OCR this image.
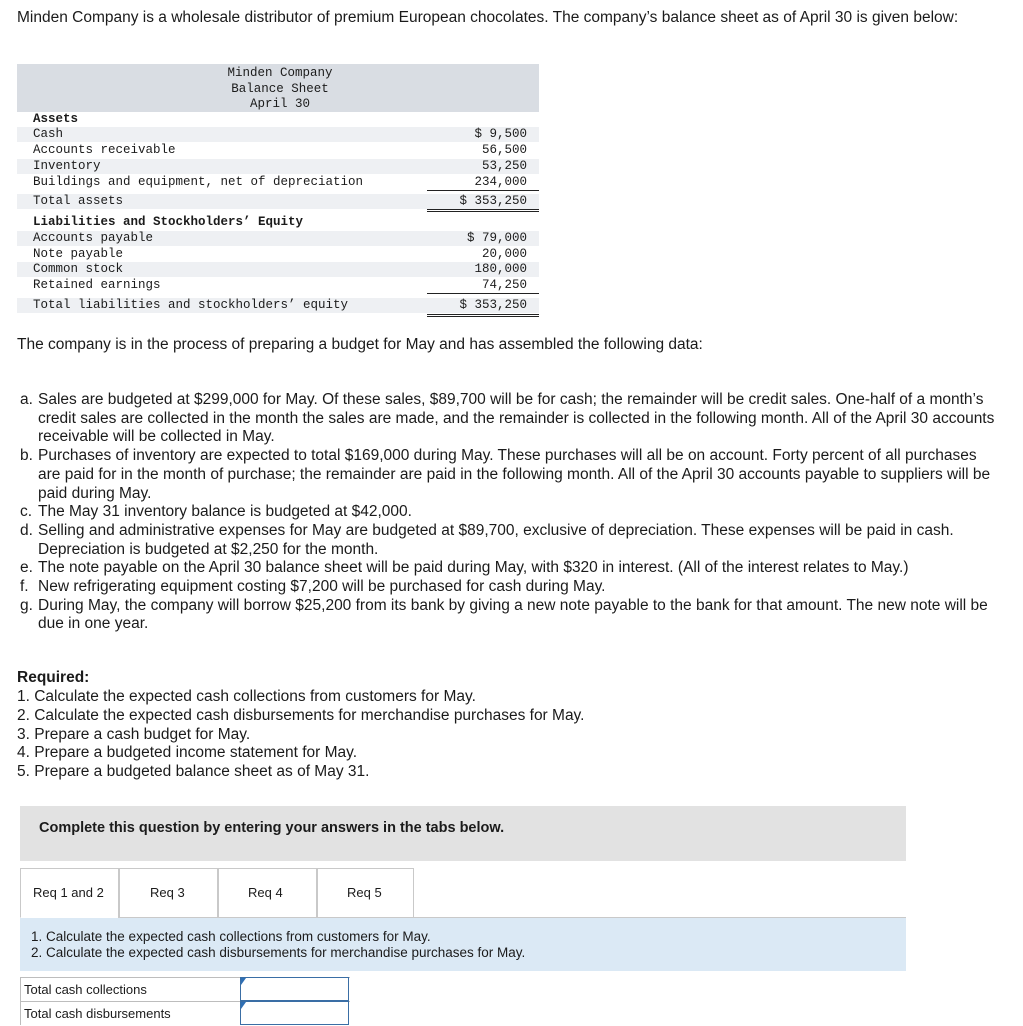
Minden Company is a wholesale distributor of premium European chocolates. The company’s balance sheet as of April 30 is given below:
Minden Company
Balance Sheet
April 30
Assets
Cash	$ 9,500
Accounts receivable	56,500
Inventory	53,250
Buildings and equipment, net of depreciation	234,000
Total assets	$ 353,250
Liabilities and Stockholders’ Equity
Accounts payable	$ 79,000
Note payable	20,000
Common stock	180,000
Retained earnings	74,250
Total liabilities and stockholders’ equity	$ 353,250
The company is in the process of preparing a budget for May and has assembled the following data:
a. Sales are budgeted at $299,000 for May. Of these sales, $89,700 will be for cash; the remainder will be credit sales. One-half of a month’s credit sales are collected in the month the sales are made, and the remainder is collected in the following month. All of the April 30 accounts receivable will be collected in May.
b. Purchases of inventory are expected to total $169,000 during May. These purchases will all be on account. Forty percent of all purchases are paid for in the month of purchase; the remainder are paid in the following month. All of the April 30 accounts payable to suppliers will be paid during May.
c. The May 31 inventory balance is budgeted at $42,000.
d. Selling and administrative expenses for May are budgeted at $89,700, exclusive of depreciation. These expenses will be paid in cash. Depreciation is budgeted at $2,250 for the month.
e. The note payable on the April 30 balance sheet will be paid during May, with $320 in interest. (All of the interest relates to May.)
f. New refrigerating equipment costing $7,200 will be purchased for cash during May.
g. During May, the company will borrow $25,200 from its bank by giving a new note payable to the bank for that amount. The new note will be due in one year.
Required:
1. Calculate the expected cash collections from customers for May.
2. Calculate the expected cash disbursements for merchandise purchases for May.
3. Prepare a cash budget for May.
4. Prepare a budgeted income statement for May.
5. Prepare a budgeted balance sheet as of May 31.
Complete this question by entering your answers in the tabs below.
Req 1 and 2	Req 3	Req 4	Req 5
1. Calculate the expected cash collections from customers for May.
2. Calculate the expected cash disbursements for merchandise purchases for May.
Total cash collections
Total cash disbursements
